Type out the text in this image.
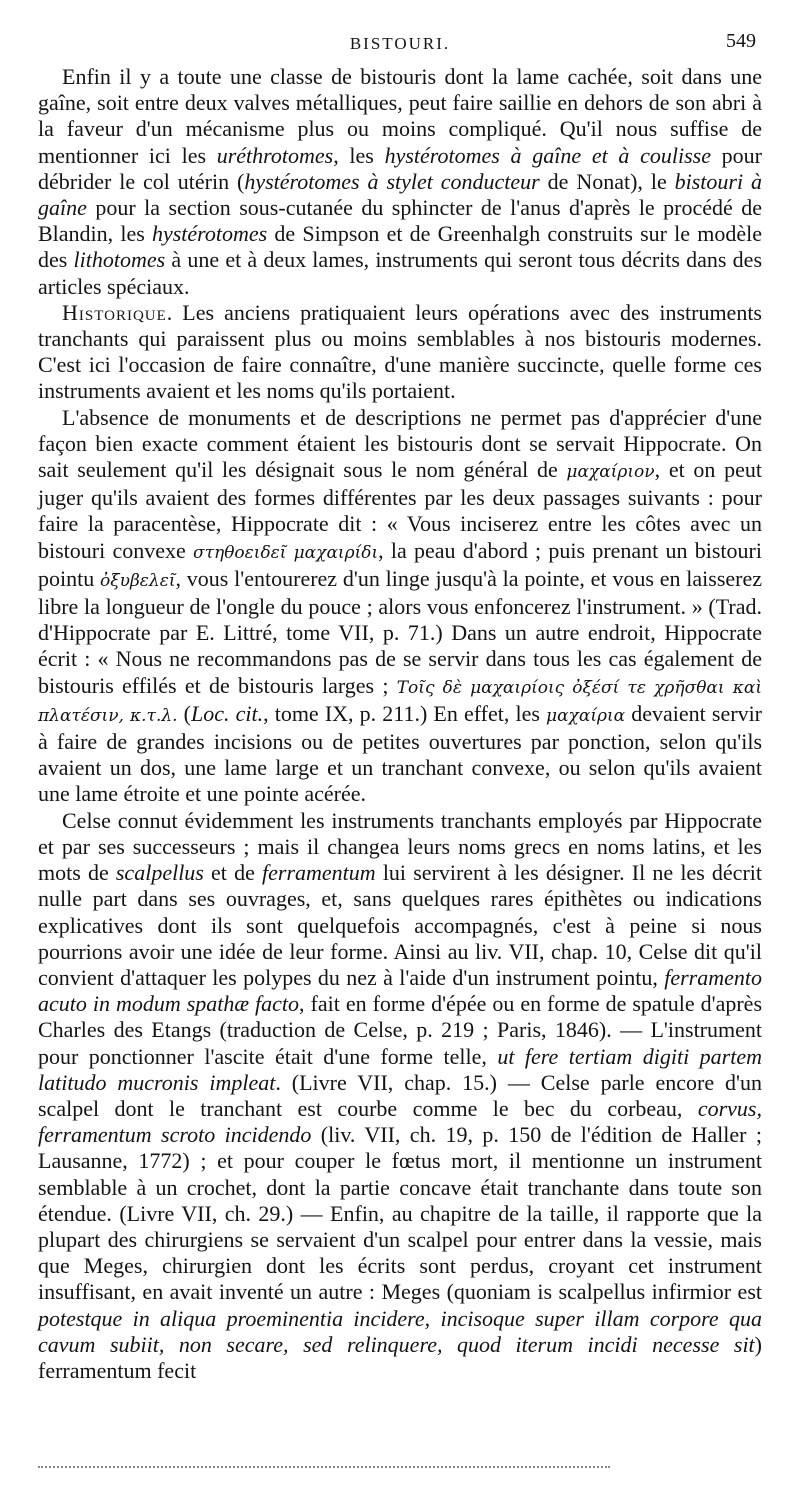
BISTOURI.	549

Enfin il y a toute une classe de bistouris dont la lame cachée, soit dans une gaîne, soit entre deux valves métalliques, peut faire saillie en dehors de son abri à la faveur d'un mécanisme plus ou moins compliqué. Qu'il nous suffise de mentionner ici les uréthrotomes, les hystérotomes à gaîne et à coulisse pour débrider le col utérin (hystérotomes à stylet conducteur de Nonat), le bistouri à gaîne pour la section sous-cutanée du sphincter de l'anus d'après le procédé de Blandin, les hystérotomes de Simpson et de Greenhalgh construits sur le modèle des lithotomes à une et à deux lames, instruments qui seront tous décrits dans des articles spéciaux.

Historique. Les anciens pratiquaient leurs opérations avec des instruments tranchants qui paraissent plus ou moins semblables à nos bistouris modernes. C'est ici l'occasion de faire connaître, d'une manière succincte, quelle forme ces instruments avaient et les noms qu'ils portaient.

L'absence de monuments et de descriptions ne permet pas d'apprécier d'une façon bien exacte comment étaient les bistouris dont se servait Hippocrate. On sait seulement qu'il les désignait sous le nom général de μαχαίριον, et on peut juger qu'ils avaient des formes différentes par les deux passages suivants : pour faire la paracentèse, Hippocrate dit : « Vous inciserez entre les côtes avec un bistouri convexe στηθοειδεῖ μαχαιρίδι, la peau d'abord ; puis prenant un bistouri pointu ὀξυβελεῖ, vous l'entourerez d'un linge jusqu'à la pointe, et vous en laisserez libre la longueur de l'ongle du pouce ; alors vous enfoncerez l'instrument. » (Trad. d'Hippocrate par E. Littré, tome VII, p. 71.) Dans un autre endroit, Hippocrate écrit : « Nous ne recommandons pas de se servir dans tous les cas également de bistouris effilés et de bistouris larges ; Τοῖς δὲ μαχαιρίοις ὀξέσί τε χρῆσθαι καὶ πλατέσιν, κ.τ.λ. (Loc. cit., tome IX, p. 211.) En effet, les μαχαίρια devaient servir à faire de grandes incisions ou de petites ouvertures par ponction, selon qu'ils avaient un dos, une lame large et un tranchant convexe, ou selon qu'ils avaient une lame étroite et une pointe acérée.

Celse connut évidemment les instruments tranchants employés par Hippocrate et par ses successeurs ; mais il changea leurs noms grecs en noms latins, et les mots de scalpellus et de ferramentum lui servirent à les désigner. Il ne les décrit nulle part dans ses ouvrages, et, sans quelques rares épithètes ou indications explicatives dont ils sont quelquefois accompagnés, c'est à peine si nous pourrions avoir une idée de leur forme. Ainsi au liv. VII, chap. 10, Celse dit qu'il convient d'attaquer les polypes du nez à l'aide d'un instrument pointu, ferramento acuto in modum spathæ facto, fait en forme d'épée ou en forme de spatule d'après Charles des Etangs (traduction de Celse, p. 219 ; Paris, 1846). — L'instrument pour ponctionner l'ascite était d'une forme telle, ut fere tertiam digiti partem latitudo mucronis impleat. (Livre VII, chap. 15.) — Celse parle encore d'un scalpel dont le tranchant est courbe comme le bec du corbeau, corvus, ferramentum scroto incidendo (liv. VII, ch. 19, p. 150 de l'édition de Haller ; Lausanne, 1772) ; et pour couper le fœtus mort, il mentionne un instrument semblable à un crochet, dont la partie concave était tranchante dans toute son étendue. (Livre VII, ch. 29.) — Enfin, au chapitre de la taille, il rapporte que la plupart des chirurgiens se servaient d'un scalpel pour entrer dans la vessie, mais que Meges, chirurgien dont les écrits sont perdus, croyant cet instrument insuffisant, en avait inventé un autre : Meges (quoniam is scalpellus infirmior est potestque in aliqua proeminentia incidere, incisoque super illam corpore qua cavum subiit, non secare, sed relinquere, quod iterum incidi necesse sit) ferramentum fecit
